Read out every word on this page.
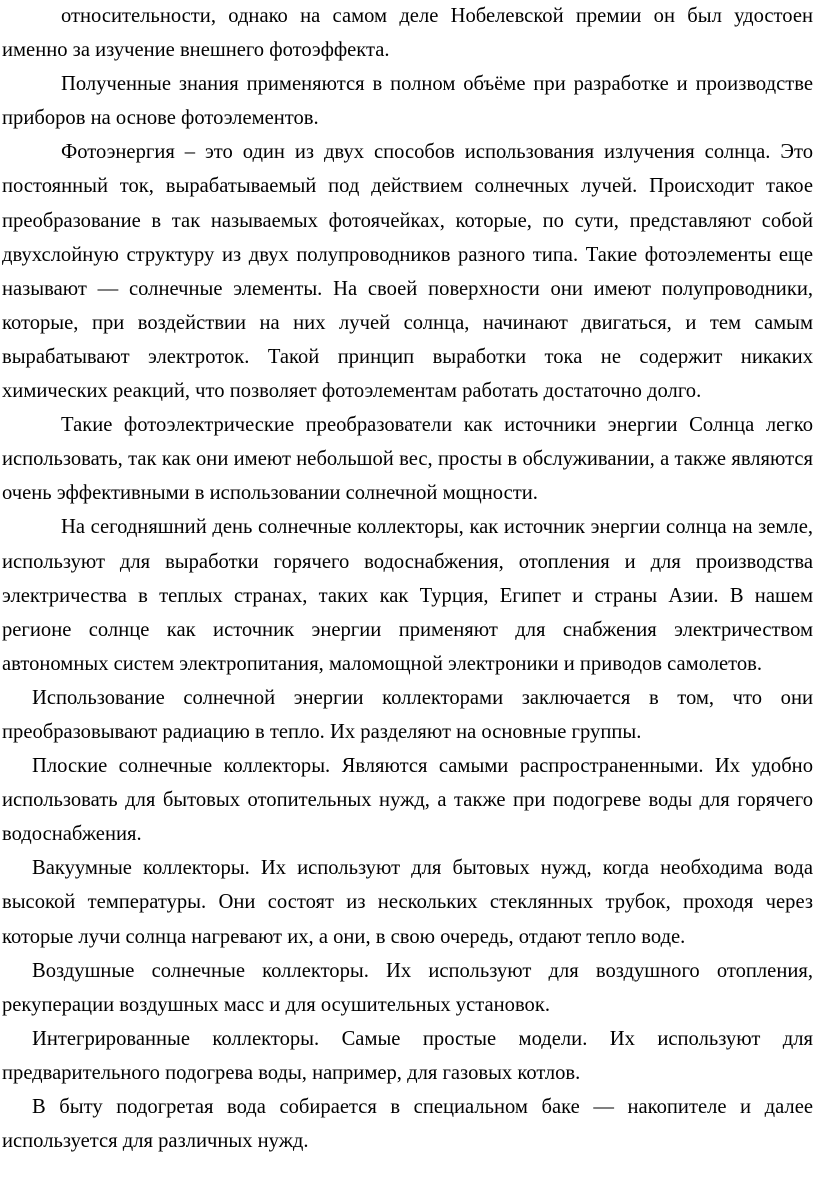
относительности, однако на самом деле Нобелевской премии он был удостоен именно за изучение внешнего фотоэффекта.

Полученные знания применяются в полном объёме при разработке и производстве приборов на основе фотоэлементов.

Фотоэнергия – это один из двух способов использования излучения солнца. Это постоянный ток, вырабатываемый под действием солнечных лучей. Происходит такое преобразование в так называемых фотоячейках, которые, по сути, представляют собой двухслойную структуру из двух полупроводников разного типа. Такие фотоэлементы еще называют — солнечные элементы. На своей поверхности они имеют полупроводники, которые, при воздействии на них лучей солнца, начинают двигаться, и тем самым вырабатывают электроток. Такой принцип выработки тока не содержит никаких химических реакций, что позволяет фотоэлементам работать достаточно долго.

Такие фотоэлектрические преобразователи как источники энергии Солнца легко использовать, так как они имеют небольшой вес, просты в обслуживании, а также являются очень эффективными в использовании солнечной мощности.

На сегодняшний день солнечные коллекторы, как источник энергии солнца на земле, используют для выработки горячего водоснабжения, отопления и для производства электричества в теплых странах, таких как Турция, Египет и страны Азии. В нашем регионе солнце как источник энергии применяют для снабжения электричеством автономных систем электропитания, маломощной электроники и приводов самолетов.

Использование солнечной энергии коллекторами заключается в том, что они преобразовывают радиацию в тепло. Их разделяют на основные группы.

Плоские солнечные коллекторы. Являются самыми распространенными. Их удобно использовать для бытовых отопительных нужд, а также при подогреве воды для горячего водоснабжения.

Вакуумные коллекторы. Их используют для бытовых нужд, когда необходима вода высокой температуры. Они состоят из нескольких стеклянных трубок, проходя через которые лучи солнца нагревают их, а они, в свою очередь, отдают тепло воде.

Воздушные солнечные коллекторы. Их используют для воздушного отопления, рекуперации воздушных масс и для осушительных установок.

Интегрированные коллекторы. Самые простые модели. Их используют для предварительного подогрева воды, например, для газовых котлов.

В быту подогретая вода собирается в специальном баке — накопителе и далее используется для различных нужд.
